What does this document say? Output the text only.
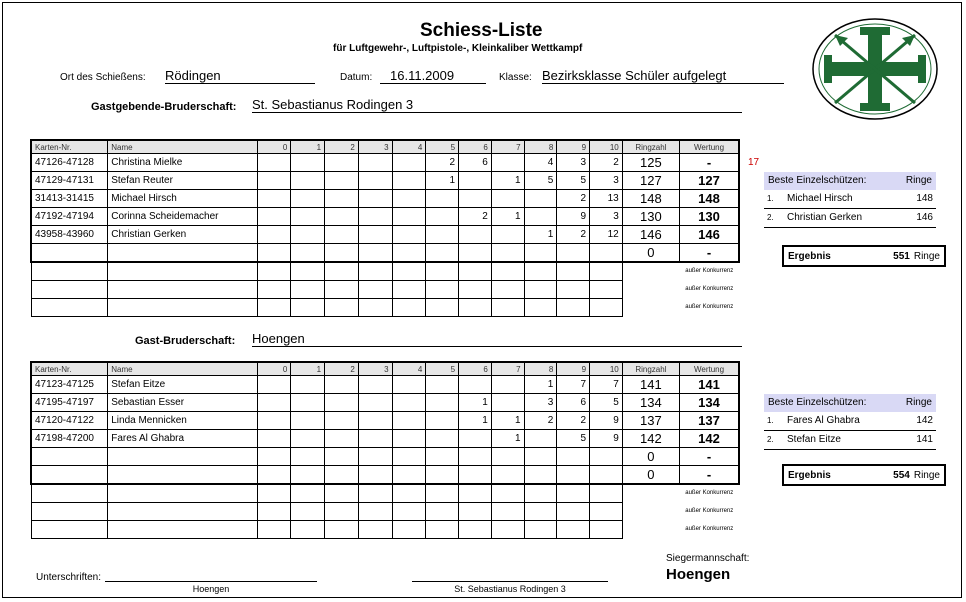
Schiess-Liste
für Luftgewehr-, Luftpistole-, Kleinkaliber Wettkampf
Ort des Schießens: Rödingen	Datum:	16.11.2009	Klasse: Bezirksklasse Schüler aufgelegt
Gastgebende-Bruderschaft: St. Sebastianus Rodingen 3
Karten-Nr.	Name	0	1	2	3	4	5	6	7	8	9	10	Ringzahl	Wertung
47126-47128	Christina Mielke						2	6		4	3	2	125	-
47129-47131	Stefan Reuter						1		1	5	5	3	127	127
31413-31415	Michael Hirsch										2	13	148	148
47192-47194	Corinna Scheidemacher							2	1		9	3	130	130
43958-43960	Christian Gerken									1	2	12	146	146
													0	-
														außer Konkurrenz
														außer Konkurrenz
														außer Konkurrenz
17
Beste Einzelschützen:	Ringe
1.	Michael Hirsch	148
2.	Christian Gerken	146
Ergebnis	551 Ringe
Gast-Bruderschaft: Hoengen
Karten-Nr.	Name	0	1	2	3	4	5	6	7	8	9	10	Ringzahl	Wertung
47123-47125	Stefan Eitze									1	7	7	141	141
47195-47197	Sebastian Esser							1		3	6	5	134	134
47120-47122	Linda Mennicken							1	1	2	2	9	137	137
47198-47200	Fares Al Ghabra								1		5	9	142	142
													0	-
													0	-
														außer Konkurrenz
														außer Konkurrenz
														außer Konkurrenz
Beste Einzelschützen:	Ringe
1.	Fares Al Ghabra	142
2.	Stefan Eitze	141
Ergebnis	554 Ringe
Unterschriften:
Hoengen	St. Sebastianus Rodingen 3
Siegermannschaft:
Hoengen
